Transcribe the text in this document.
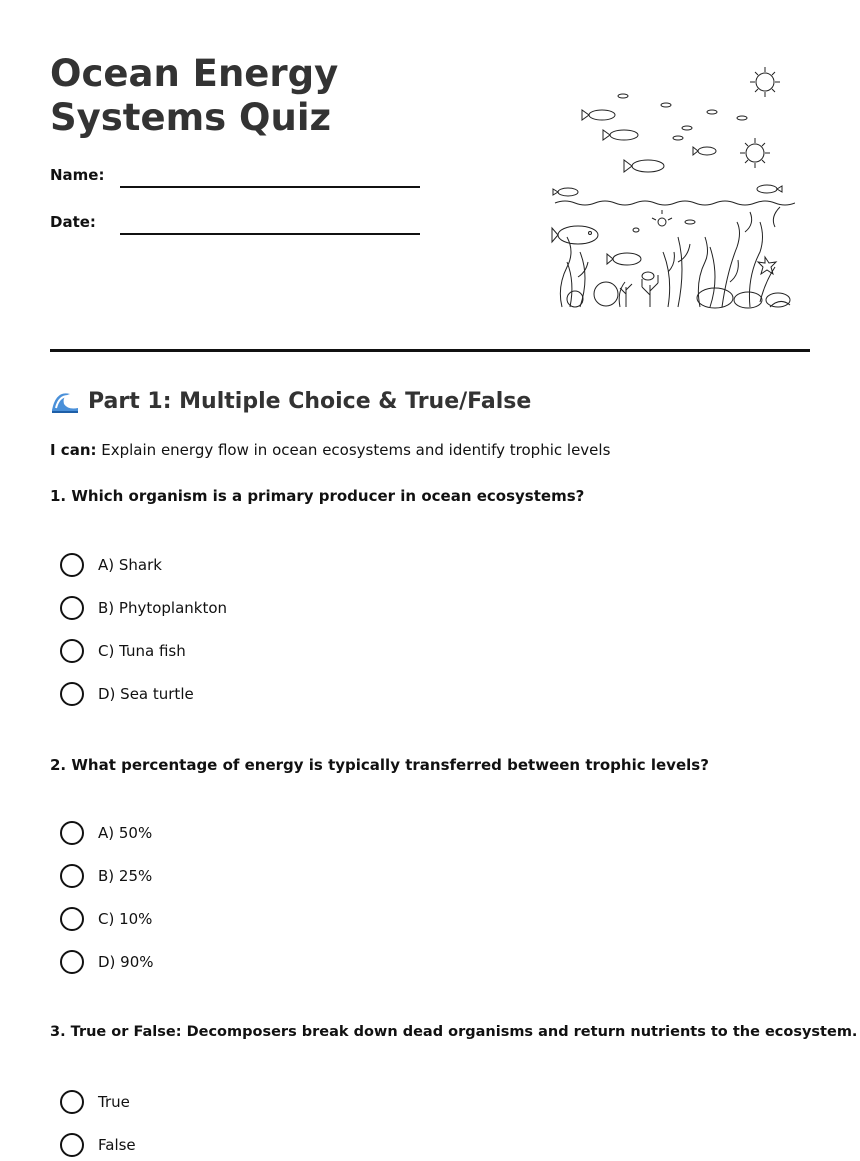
Ocean Energy Systems Quiz
Name:
Date:
Part 1: Multiple Choice & True/False

I can: Explain energy flow in ocean ecosystems and identify trophic levels

1. Which organism is a primary producer in ocean ecosystems?

A) Shark
B) Phytoplankton
C) Tuna fish
D) Sea turtle

2. What percentage of energy is typically transferred between trophic levels?

A) 50%
B) 25%
C) 10%
D) 90%

3. True or False: Decomposers break down dead organisms and return nutrients to the ecosystem.

True
False
